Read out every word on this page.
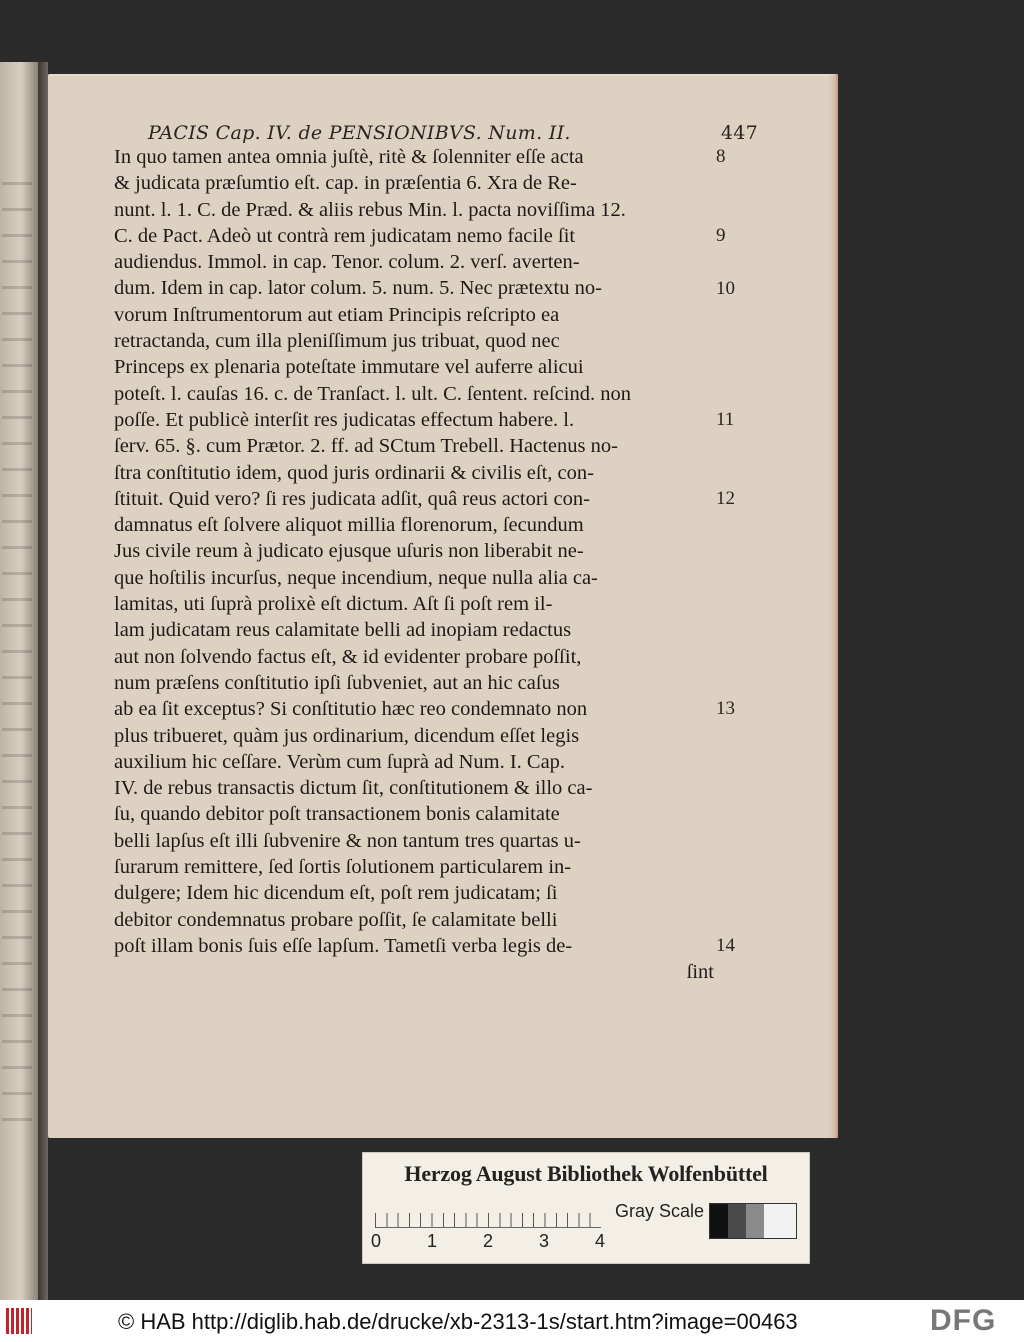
PACIS Cap. IV. de PENSIONIBVS. Num. II.	447
In quo tamen antea omnia juſtè, ritè & ſolenniter eſſe acta
& judicata præſumtio eſt. cap. in præſentia 6. Xra de Re-
nunt. l. 1. C. de Præd. & aliis rebus Min. l. pacta noviſſima 12.
C. de Pact. Adeò ut contrà rem judicatam nemo facile ſit
audiendus. Immol. in cap. Tenor. colum. 2. verſ. averten-
dum. Idem in cap. lator colum. 5. num. 5. Nec prætextu no-
vorum Inſtrumentorum aut etiam Principis reſcripto ea
retractanda, cum illa pleniſſimum jus tribuat, quod nec
Princeps ex plenaria poteſtate immutare vel auferre alicui
poteſt. l. cauſas 16. c. de Tranſact. l. ult. C. ſentent. reſcind. non
poſſe. Et publicè interſit res judicatas effectum habere. l.
ſerv. 65. §. cum Prætor. 2. ff. ad SCtum Trebell. Hactenus no-
ſtra conſtitutio idem, quod juris ordinarii & civilis eſt, con-
ſtituit. Quid vero? ſi res judicata adſit, quâ reus actori con-
damnatus eſt ſolvere aliquot millia florenorum, ſecundum
Jus civile reum à judicato ejusque uſuris non liberabit ne-
que hoſtilis incurſus, neque incendium, neque nulla alia ca-
lamitas, uti ſuprà prolixè eſt dictum. Aſt ſi poſt rem il-
lam judicatam reus calamitate belli ad inopiam redactus
aut non ſolvendo factus eſt, & id evidenter probare poſſit,
num præſens conſtitutio ipſi ſubveniet, aut an hic caſus
ab ea ſit exceptus? Si conſtitutio hæc reo condemnato non
plus tribueret, quàm jus ordinarium, dicendum eſſet legis
auxilium hic ceſſare. Verùm cum ſuprà ad Num. I. Cap.
IV. de rebus transactis dictum ſit, conſtitutionem & illo ca-
ſu, quando debitor poſt transactionem bonis calamitate
belli lapſus eſt illi ſubvenire & non tantum tres quartas u-
ſurarum remittere, ſed ſortis ſolutionem particularem in-
dulgere; Idem hic dicendum eſt, poſt rem judicatam; ſi
debitor condemnatus probare poſſit, ſe calamitate belli
poſt illam bonis ſuis eſſe lapſum. Tametſi verba legis de-
ſint
8
9
10
11
12
13
14
Herzog August Bibliothek Wolfenbüttel
0	1	2	3	4
Gray Scale
© HAB http://diglib.hab.de/drucke/xb-2313-1s/start.htm?image=00463	DFG
